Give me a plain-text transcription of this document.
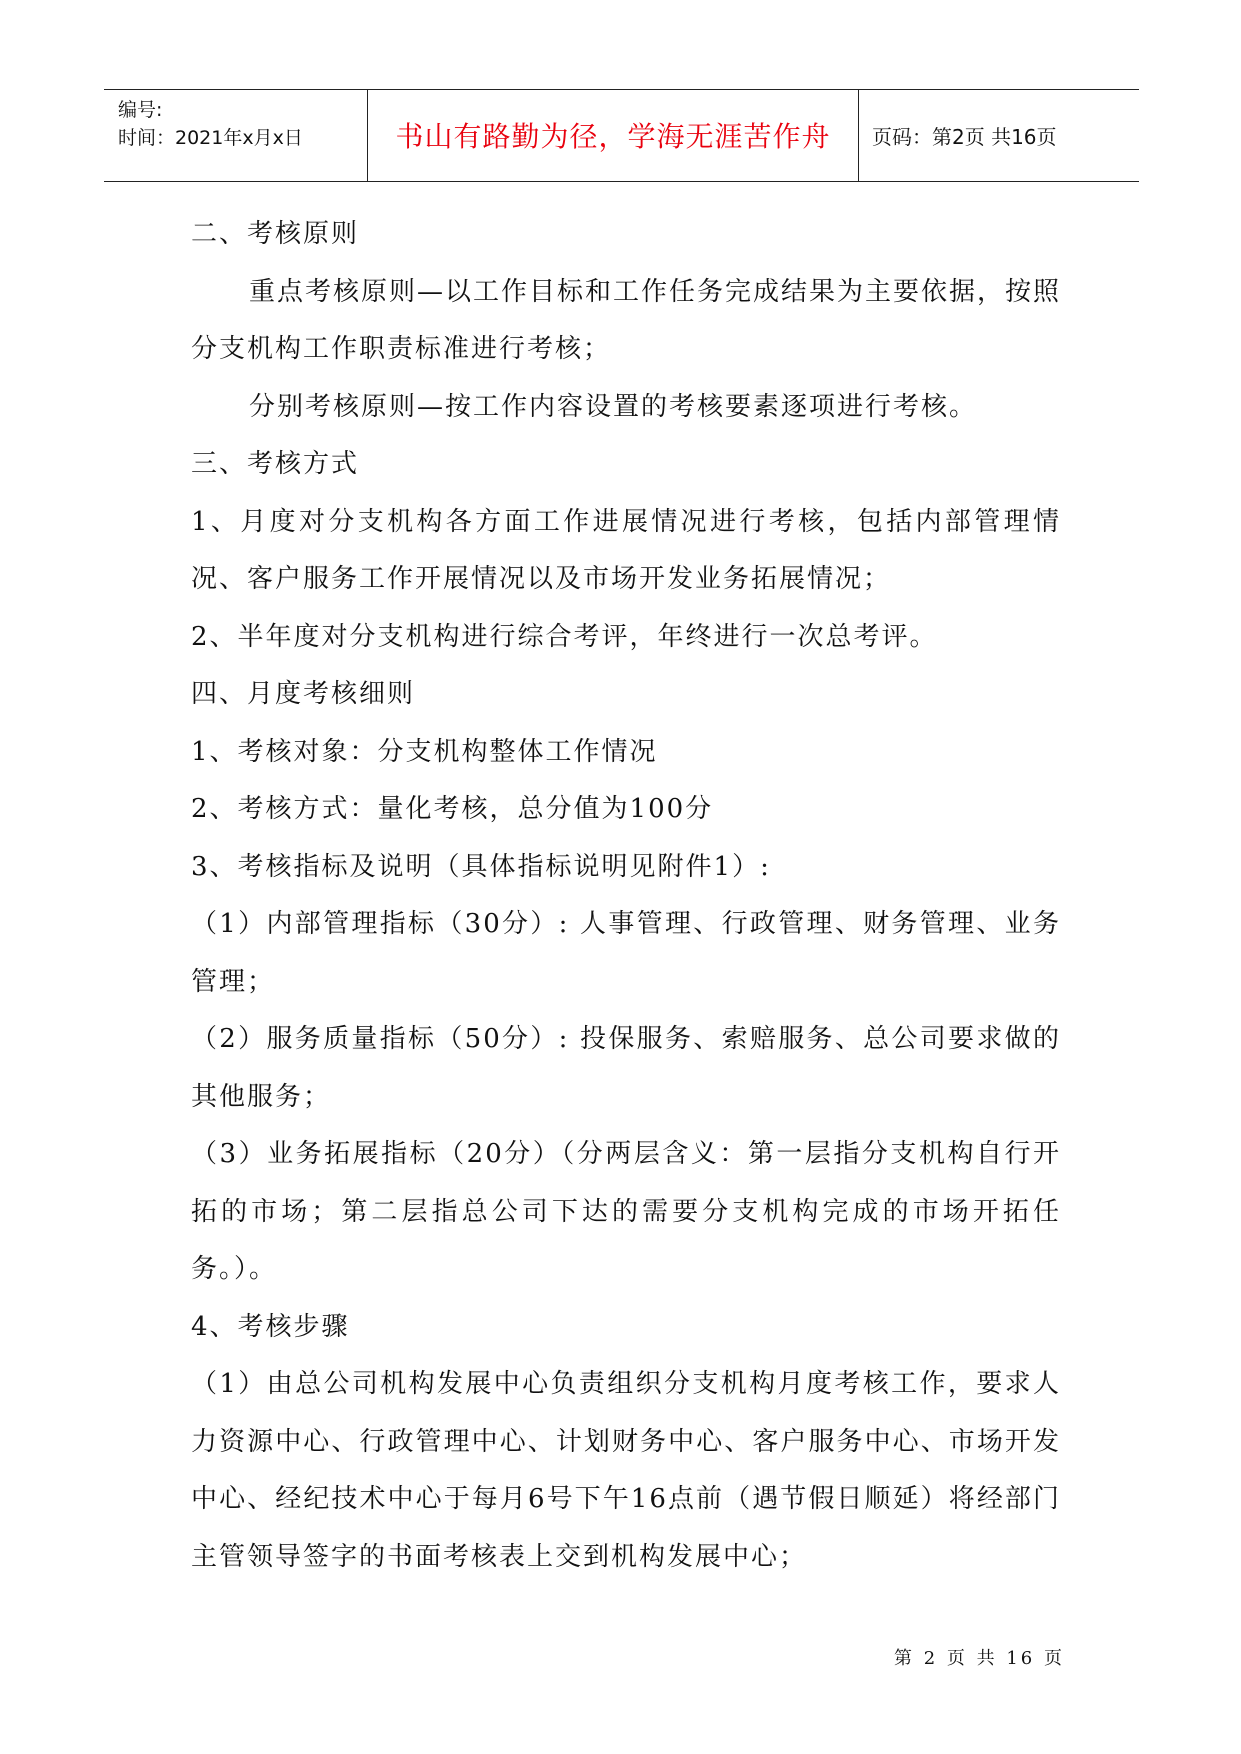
编号:
时间：2021年x月x日	书山有路勤为径，学海无涯苦作舟	页码：第2页 共16页

二、考核原则

重点考核原则—以工作目标和工作任务完成结果为主要依据，按照分支机构工作职责标准进行考核；

分别考核原则—按工作内容设置的考核要素逐项进行考核。

三、考核方式

1、月度对分支机构各方面工作进展情况进行考核，包括内部管理情况、客户服务工作开展情况以及市场开发业务拓展情况；

2、半年度对分支机构进行综合考评，年终进行一次总考评。

四、月度考核细则

1、考核对象：分支机构整体工作情况

2、考核方式：量化考核，总分值为100分

3、考核指标及说明（具体指标说明见附件1）:

（1）内部管理指标（30分）: 人事管理、行政管理、财务管理、业务管理；

（2）服务质量指标（50分）: 投保服务、索赔服务、总公司要求做的其他服务；

（3）业务拓展指标（20分）（分两层含义：第一层指分支机构自行开拓的市场；第二层指总公司下达的需要分支机构完成的市场开拓任务。）。

4、考核步骤

（1）由总公司机构发展中心负责组织分支机构月度考核工作，要求人力资源中心、行政管理中心、计划财务中心、客户服务中心、市场开发中心、经纪技术中心于每月6号下午16点前（遇节假日顺延）将经部门主管领导签字的书面考核表上交到机构发展中心；

第 2 页 共 16 页
